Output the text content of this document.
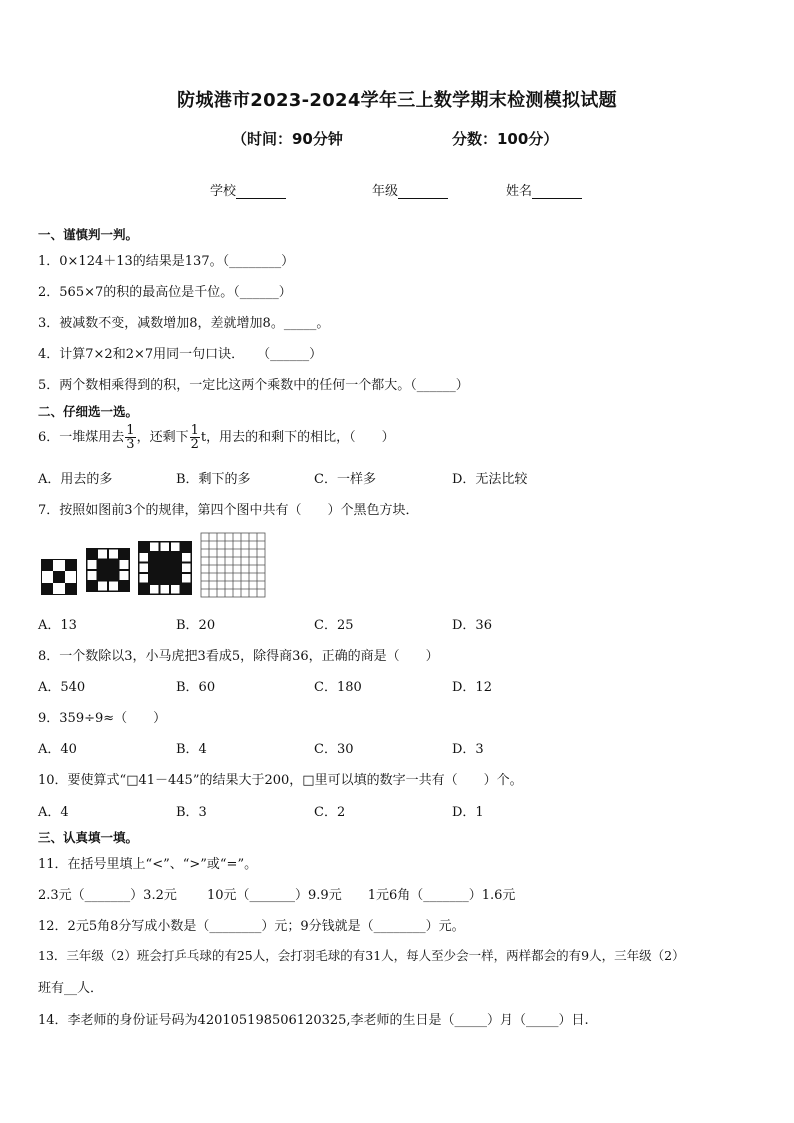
防城港市2023-2024学年三上数学期末检测模拟试题
（时间：90分钟	分数：100分）
学校	年级	姓名
一、谨慎判一判。
1．0×124＋13的结果是137。（________）
2．565×7的积的最高位是千位。（______）
3．被减数不变，减数增加8，差就增加8。_____。
4．计算7×2和2×7用同一句口诀．　　（______）
5．两个数相乘得到的积，一定比这两个乘数中的任何一个都大。（______）
二、仔细选一选。
6．一堆煤用去 $\frac{1}{3}$ ，还剩下 $\frac{1}{2}$ t，用去的和剩下的相比，（　　）
A．用去的多	B．剩下的多	C．一样多	D．无法比较
7．按照如图前3个的规律，第四个图中共有（　　）个黑色方块．
A．13	B．20	C．25	D．36
8．一个数除以3，小马虎把3看成5，除得商36，正确的商是（　　）
A．540	B．60	C．180	D．12
9．359÷9≈（　　）
A．40	B．4	C．30	D．3
10．要使算式“□41－445”的结果大于200，□里可以填的数字一共有（　　）个。
A．4	B．3	C．2	D．1
三、认真填一填。
11．在括号里填上“<”、“>”或“=”。
2.3元（_______）3.2元　　 10元（_______）9.9元　　1元6角（_______）1.6元
12．2元5角8分写成小数是（________）元；9分钱就是（________）元。
13．三年级（2）班会打乒乓球的有25人，会打羽毛球的有31人，每人至少会一样，两样都会的有9人，三年级（2）
班有__人．
14．李老师的身份证号码为420105198506120325,李老师的生日是（_____）月（_____）日.
